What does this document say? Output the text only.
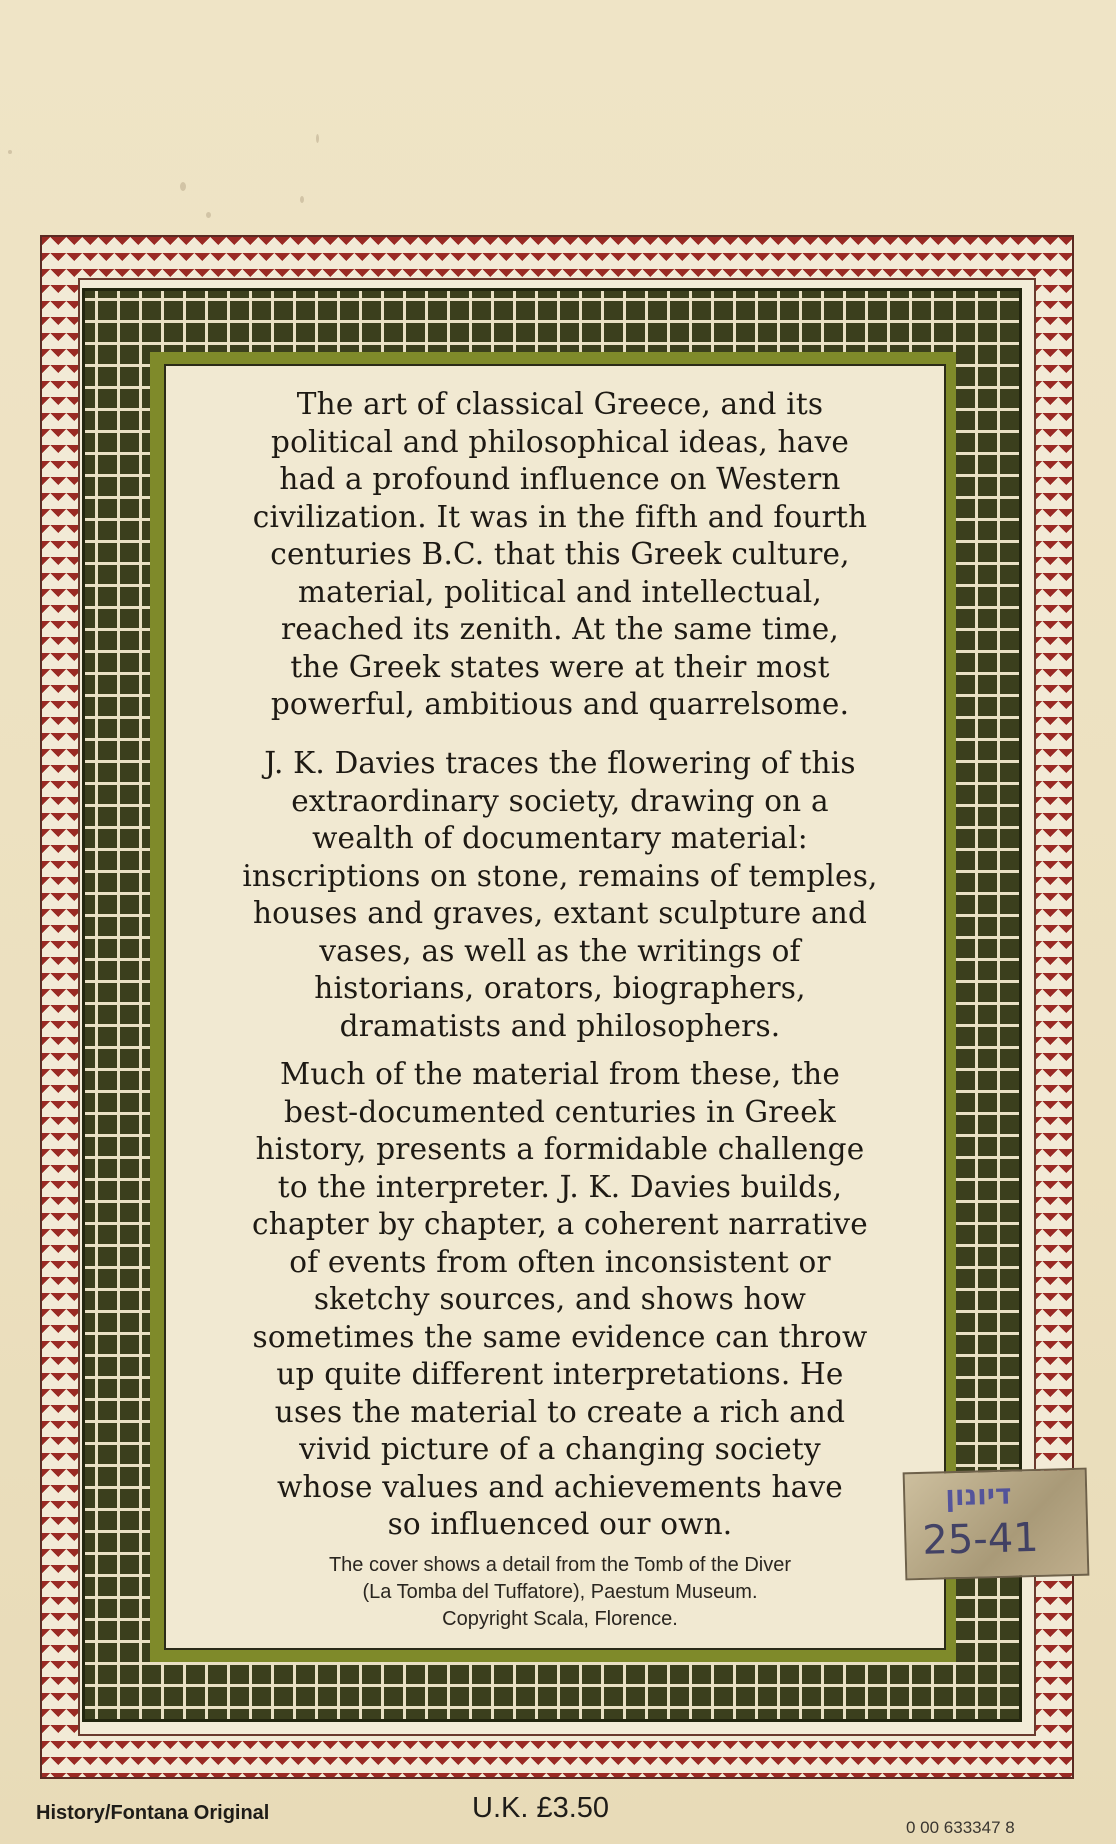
The art of classical Greece, and its
political and philosophical ideas, have
had a profound influence on Western
civilization. It was in the fifth and fourth
centuries B.C. that this Greek culture,
material, political and intellectual,
reached its zenith. At the same time,
the Greek states were at their most
powerful, ambitious and quarrelsome.
J. K. Davies traces the flowering of this
extraordinary society, drawing on a
wealth of documentary material:
inscriptions on stone, remains of temples,
houses and graves, extant sculpture and
vases, as well as the writings of
historians, orators, biographers,
dramatists and philosophers.
Much of the material from these, the
best-documented centuries in Greek
history, presents a formidable challenge
to the interpreter. J. K. Davies builds,
chapter by chapter, a coherent narrative
of events from often inconsistent or
sketchy sources, and shows how
sometimes the same evidence can throw
up quite different interpretations. He
uses the material to create a rich and
vivid picture of a changing society
whose values and achievements have
so influenced our own.
The cover shows a detail from the Tomb of the Diver
(La Tomba del Tuffatore), Paestum Museum.
Copyright Scala, Florence.
דיונון
25-41
History/Fontana Original	U.K. £3.50
0 00 633347 8
